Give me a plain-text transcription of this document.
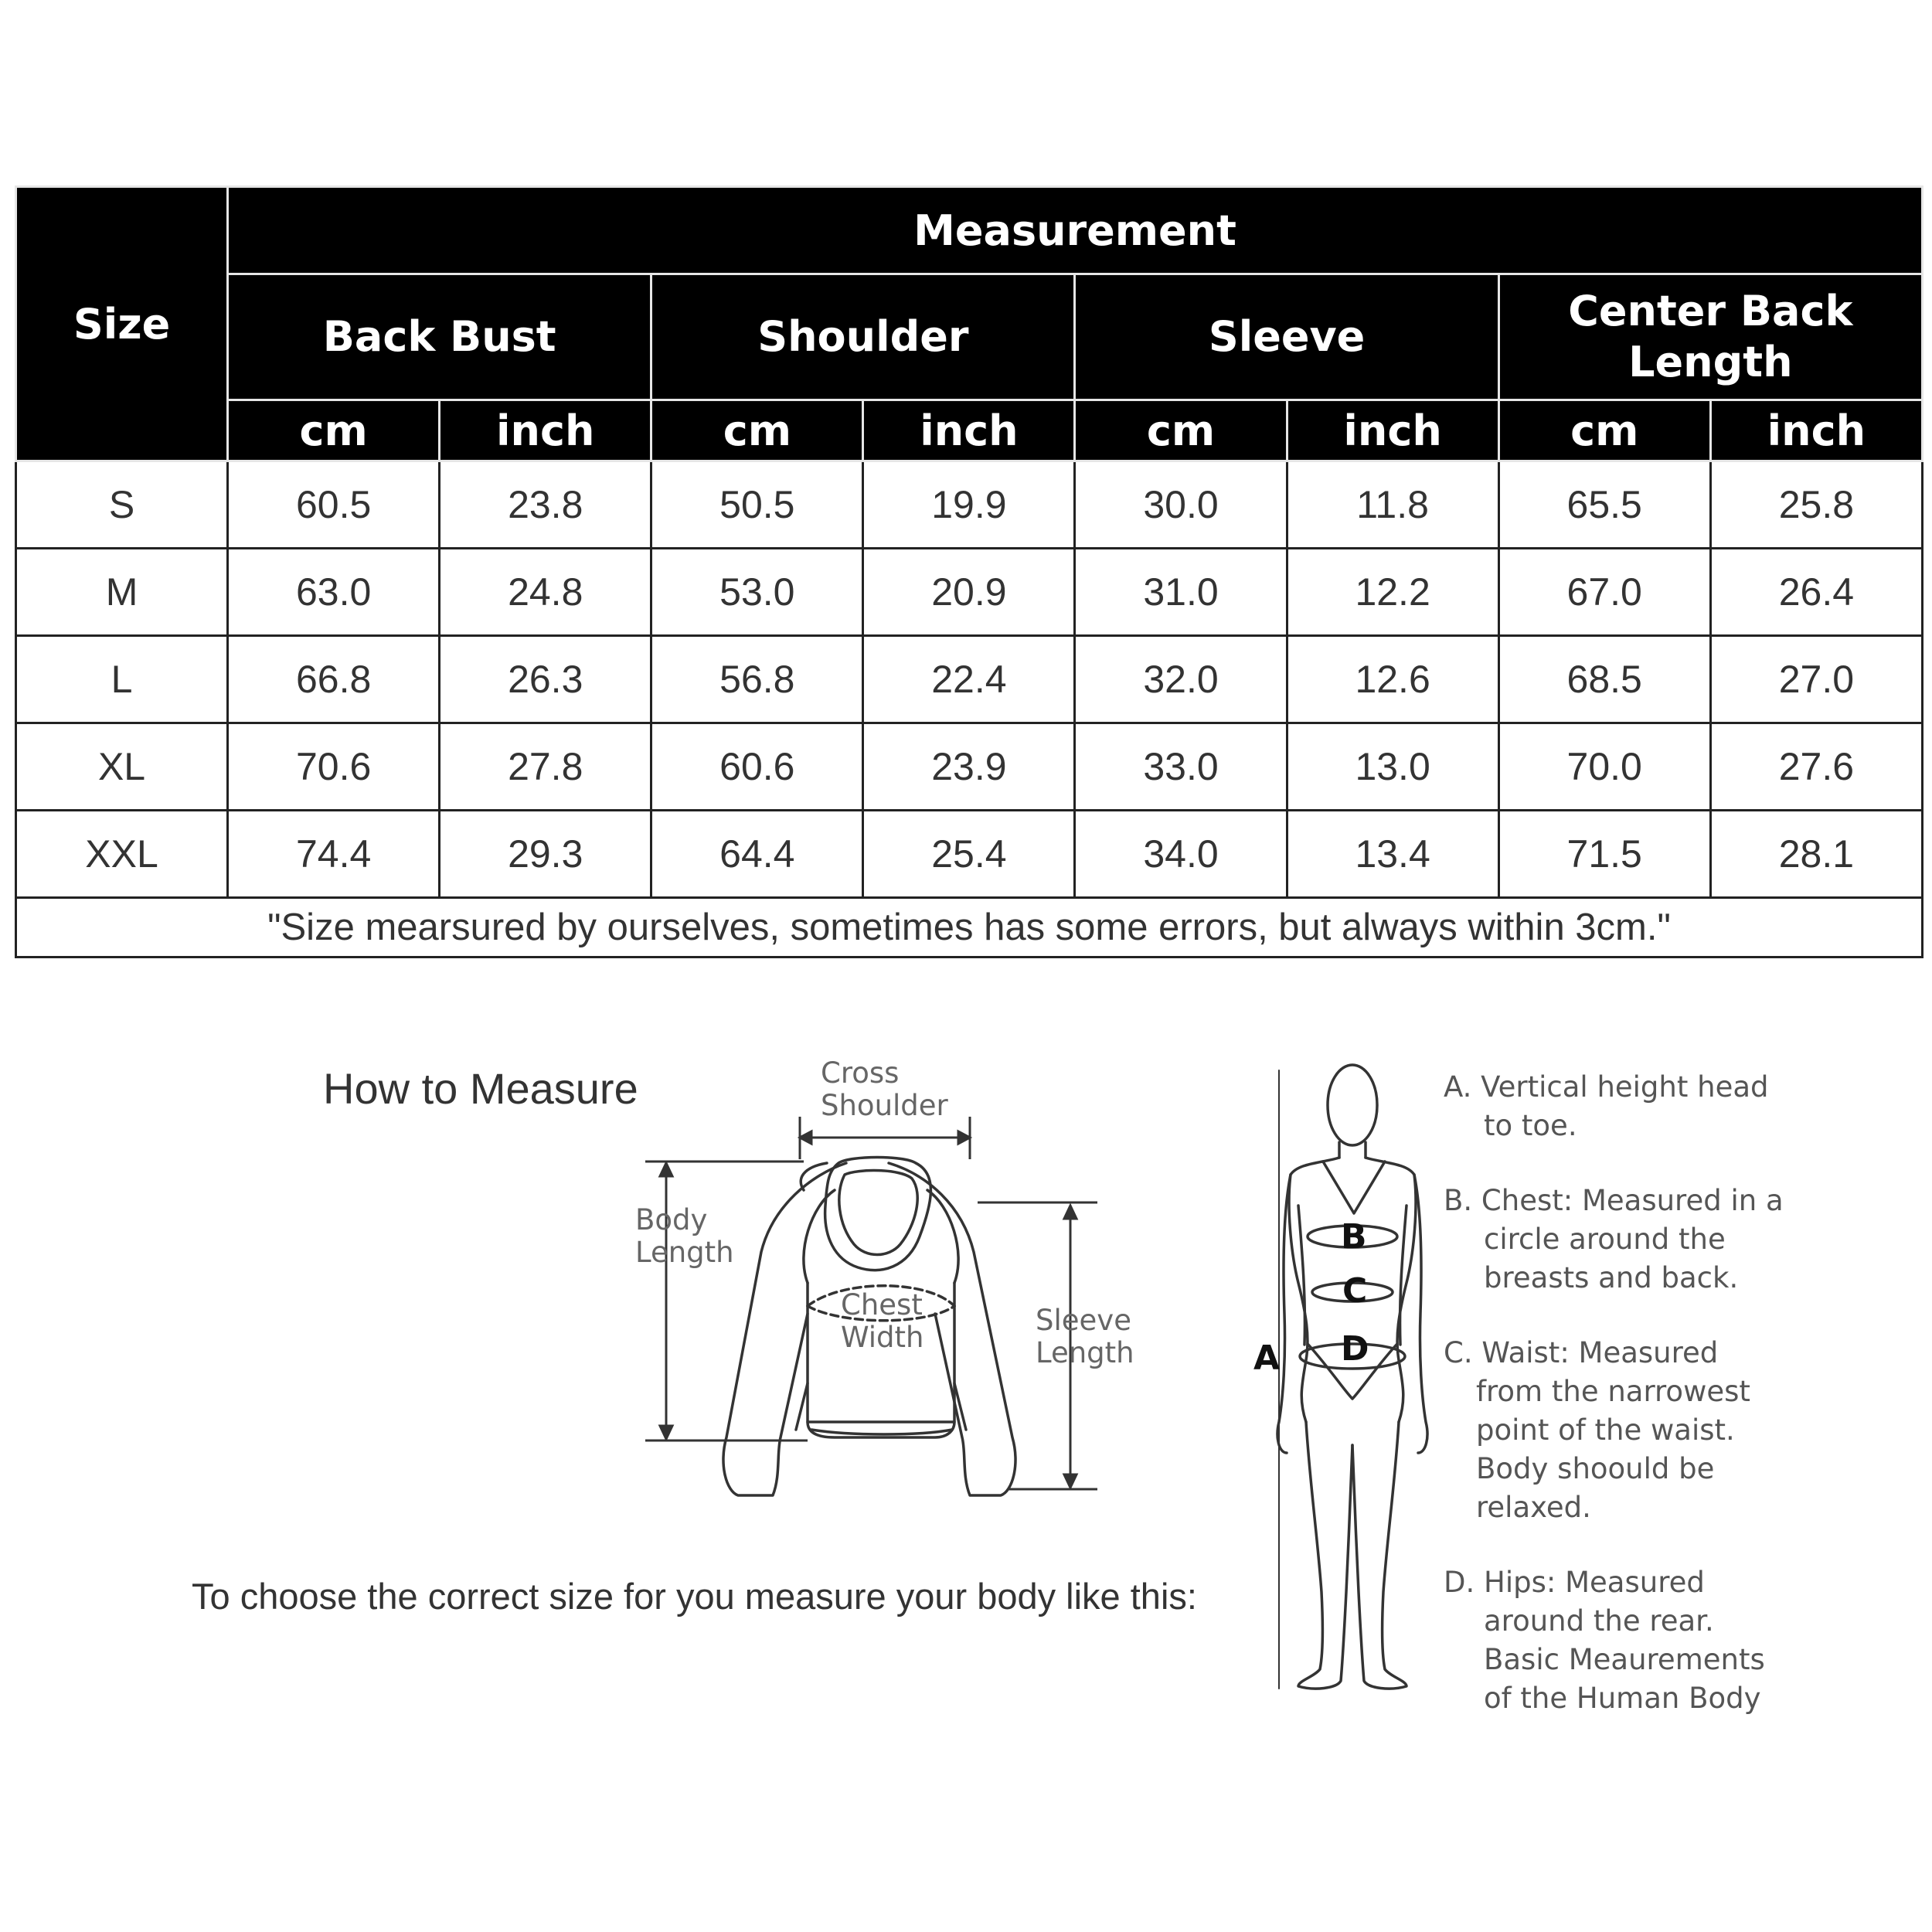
Size	Measurement							
	Back Bust		Shoulder		Sleeve		Center Back Length	
	cm	inch	cm	inch	cm	inch	cm	inch
S	60.5	23.8	50.5	19.9	30.0	11.8	65.5	25.8
M	63.0	24.8	53.0	20.9	31.0	12.2	67.0	26.4
L	66.8	26.3	56.8	22.4	32.0	12.6	68.5	27.0
XL	70.6	27.8	60.6	23.9	33.0	13.0	70.0	27.6
XXL	74.4	29.3	64.4	25.4	34.0	13.4	71.5	28.1
"Size mearsured by ourselves, sometimes has some errors, but always within 3cm."								
How to Measure
To choose the correct size for you measure your body like this:
Cross
Shoulder
Body
Length
Chest
Width
Sleeve
Length
B
C
D
A
A. Vertical height head
to toe.
B. Chest: Measured in a
circle around the
breasts and back.
C. Waist: Measured
from the narrowest
point of the waist.
Body shoould be
relaxed.
D. Hips: Measured
around the rear.
Basic Meaurements
of the Human Body
